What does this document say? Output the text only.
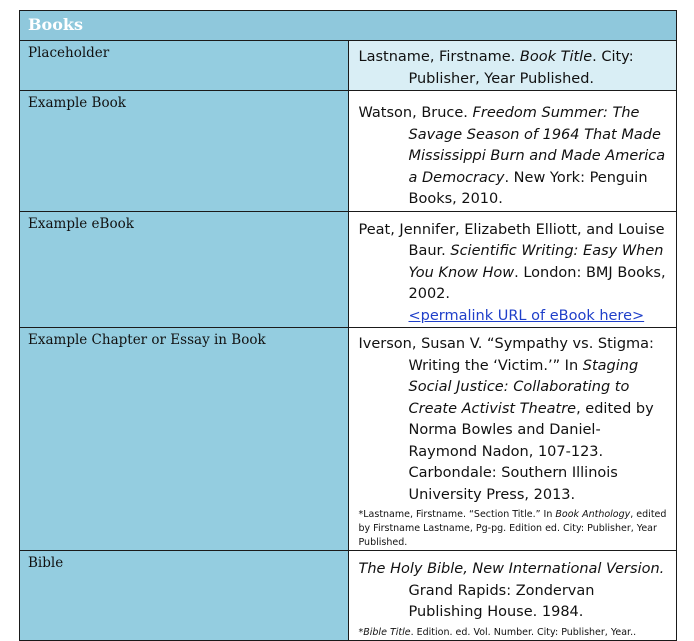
Books	
Placeholder	Lastname, Firstname. Book Title. City: Publisher, Year Published.

Example Book	Watson, Bruce. Freedom Summer: The Savage Season of 1964 That Made Mississippi Burn and Made America a Democracy. New York: Penguin Books, 2010.

Example eBook	Peat, Jennifer, Elizabeth Elliott, and Louise Baur. Scientific Writing: Easy When You Know How. London: BMJ Books, 2002.
<permalink URL of eBook here>

Example Chapter or Essay in Book	Iverson, Susan V. “Sympathy vs. Stigma: Writing the ‘Victim.’” In Staging Social Justice: Collaborating to Create Activist Theatre, edited by Norma Bowles and Daniel-Raymond Nadon, 107-123. Carbondale: Southern Illinois University Press, 2013.
*Lastname, Firstname. “Section Title.” In Book Anthology, edited by Firstname Lastname, Pg-pg. Edition ed. City: Publisher, Year Published.

Bible	The Holy Bible, New International Version. Grand Rapids: Zondervan Publishing House. 1984.
*Bible Title. Edition. ed. Vol. Number. City: Publisher, Year..
